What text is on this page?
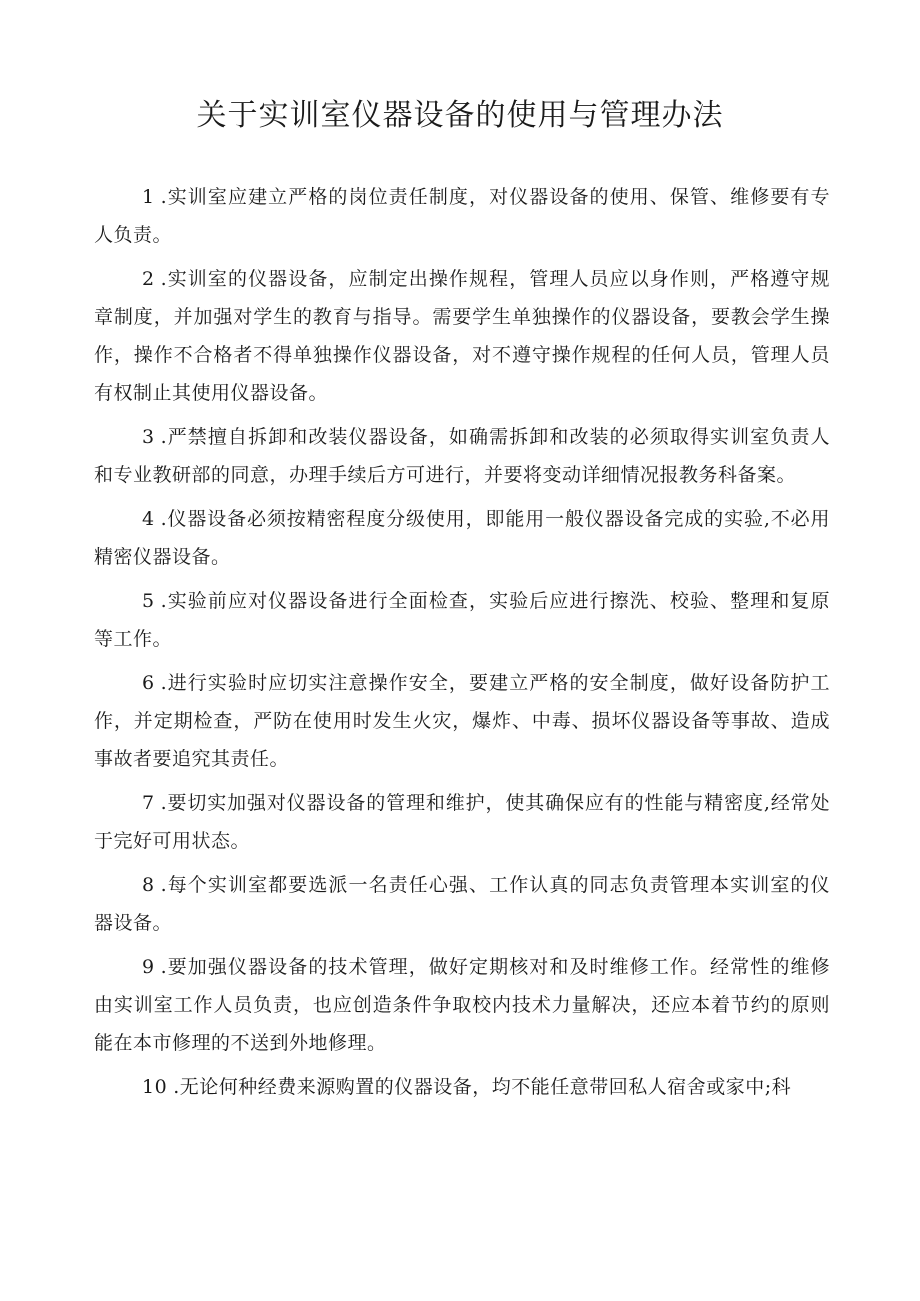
关于实训室仪器设备的使用与管理办法

1 .实训室应建立严格的岗位责任制度，对仪器设备的使用、保管、维修要有专人负责。

2 .实训室的仪器设备，应制定出操作规程，管理人员应以身作则，严格遵守规章制度，并加强对学生的教育与指导。需要学生单独操作的仪器设备，要教会学生操作，操作不合格者不得单独操作仪器设备，对不遵守操作规程的任何人员，管理人员有权制止其使用仪器设备。

3 .严禁擅自拆卸和改装仪器设备，如确需拆卸和改装的必须取得实训室负责人和专业教研部的同意，办理手续后方可进行，并要将变动详细情况报教务科备案。

4 .仪器设备必须按精密程度分级使用，即能用一般仪器设备完成的实验,不必用精密仪器设备。

5 .实验前应对仪器设备进行全面检查，实验后应进行擦洗、校验、整理和复原等工作。

6 .进行实验时应切实注意操作安全，要建立严格的安全制度，做好设备防护工作，并定期检查，严防在使用时发生火灾，爆炸、中毒、损坏仪器设备等事故、造成事故者要追究其责任。

7 .要切实加强对仪器设备的管理和维护，使其确保应有的性能与精密度,经常处于完好可用状态。

8 .每个实训室都要选派一名责任心强、工作认真的同志负责管理本实训室的仪器设备。

9 .要加强仪器设备的技术管理，做好定期核对和及时维修工作。经常性的维修由实训室工作人员负责，也应创造条件争取校内技术力量解决，还应本着节约的原则能在本市修理的不送到外地修理。

10 .无论何种经费来源购置的仪器设备，均不能任意带回私人宿舍或家中;科
